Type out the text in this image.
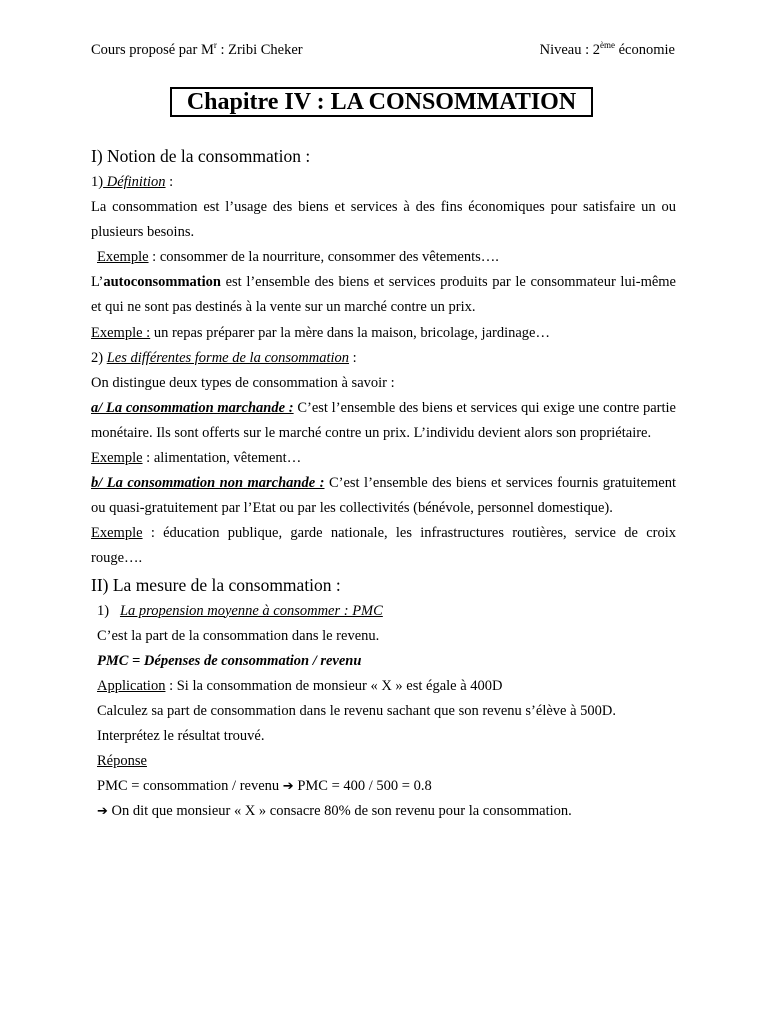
Cours proposé par $M^r$ : Zribi Cheker	Niveau : 2ème économie
Chapitre IV : LA CONSOMMATION

I) Notion de la consommation :

1) Définition :

La consommation est l’usage des biens et services à des fins économiques pour satisfaire un ou plusieurs besoins.

Exemple : consommer de la nourriture, consommer des vêtements….

L’autoconsommation est l’ensemble des biens et services produits par le consommateur lui-même et qui ne sont pas destinés à la vente sur un marché contre un prix.

Exemple : un repas préparer par la mère dans la maison, bricolage, jardinage…

2) Les différentes forme de la consommation :

On distingue deux types de consommation à savoir :

a/ La consommation marchande : C’est l’ensemble des biens et services qui exige une contre partie monétaire. Ils sont offerts sur le marché contre un prix. L’individu devient alors son propriétaire.

Exemple : alimentation, vêtement…

b/ La consommation non marchande : C’est l’ensemble des biens et services fournis gratuitement ou quasi-gratuitement par l’Etat ou par les collectivités (bénévole, personnel domestique).

Exemple : éducation publique, garde nationale, les infrastructures routières, service de croix rouge….

II) La mesure de la consommation :

1) La propension moyenne à consommer : PMC

C’est la part de la consommation dans le revenu.

PMC = Dépenses de consommation / revenu

Application : Si la consommation de monsieur « X » est égale à 400D

Calculez sa part de consommation dans le revenu sachant que son revenu s’élève à 500D.

Interprétez le résultat trouvé.

Réponse

PMC = consommation / revenu ➔ PMC = 400 / 500 = 0.8

➔ On dit que monsieur « X » consacre 80% de son revenu pour la consommation.
